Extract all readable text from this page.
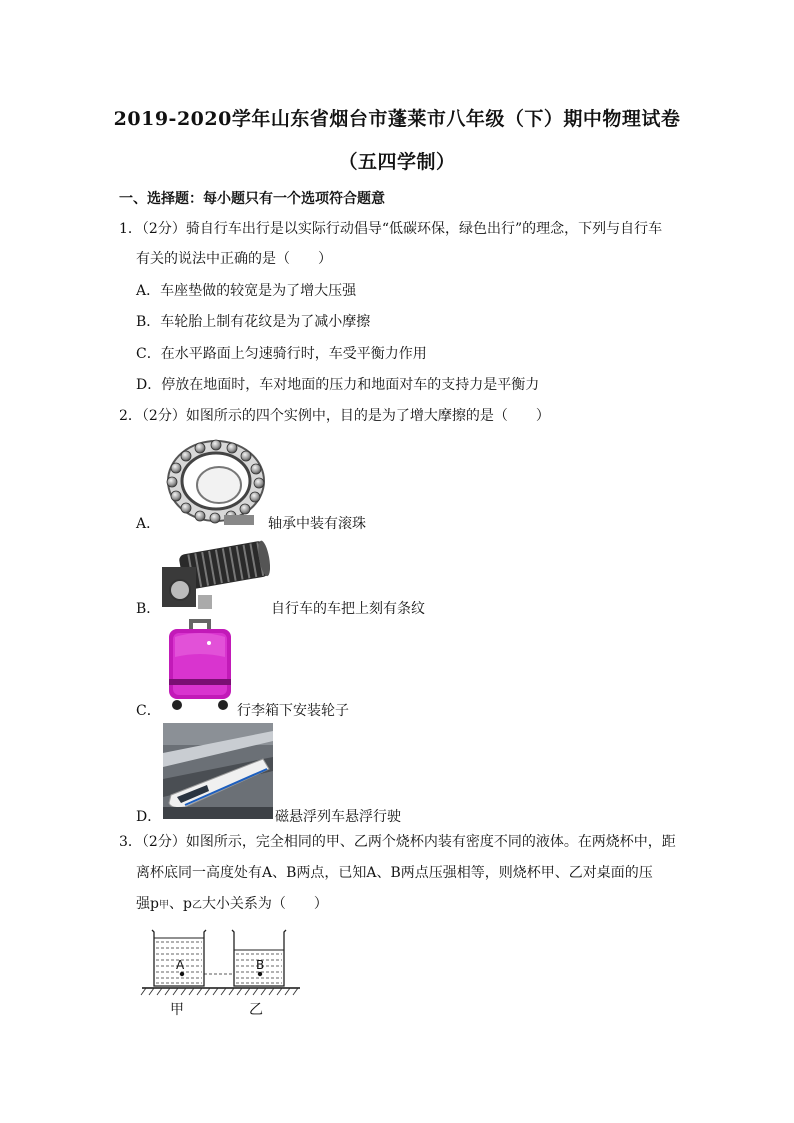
2019-2020学年山东省烟台市蓬莱市八年级（下）期中物理试卷
（五四学制）
一、选择题：每小题只有一个选项符合题意
1．（2分）骑自行车出行是以实际行动倡导“低碳环保，绿色出行”的理念，下列与自行车
有关的说法中正确的是（　　）
A．车座垫做的较宽是为了增大压强
B．车轮胎上制有花纹是为了减小摩擦
C．在水平路面上匀速骑行时，车受平衡力作用
D．停放在地面时，车对地面的压力和地面对车的支持力是平衡力
2．（2分）如图所示的四个实例中，目的是为了增大摩擦的是（　　）
A．	轴承中装有滚珠
B．	自行车的车把上刻有条纹
C．	行李箱下安装轮子
D．	磁悬浮列车悬浮行驶
3．（2分）如图所示，完全相同的甲、乙两个烧杯内装有密度不同的液体。在两烧杯中，距
离杯底同一高度处有A、B两点，已知A、B两点压强相等，则烧杯甲、乙对桌面的压
强p甲、p乙大小关系为（　　）
A	B
甲	乙
